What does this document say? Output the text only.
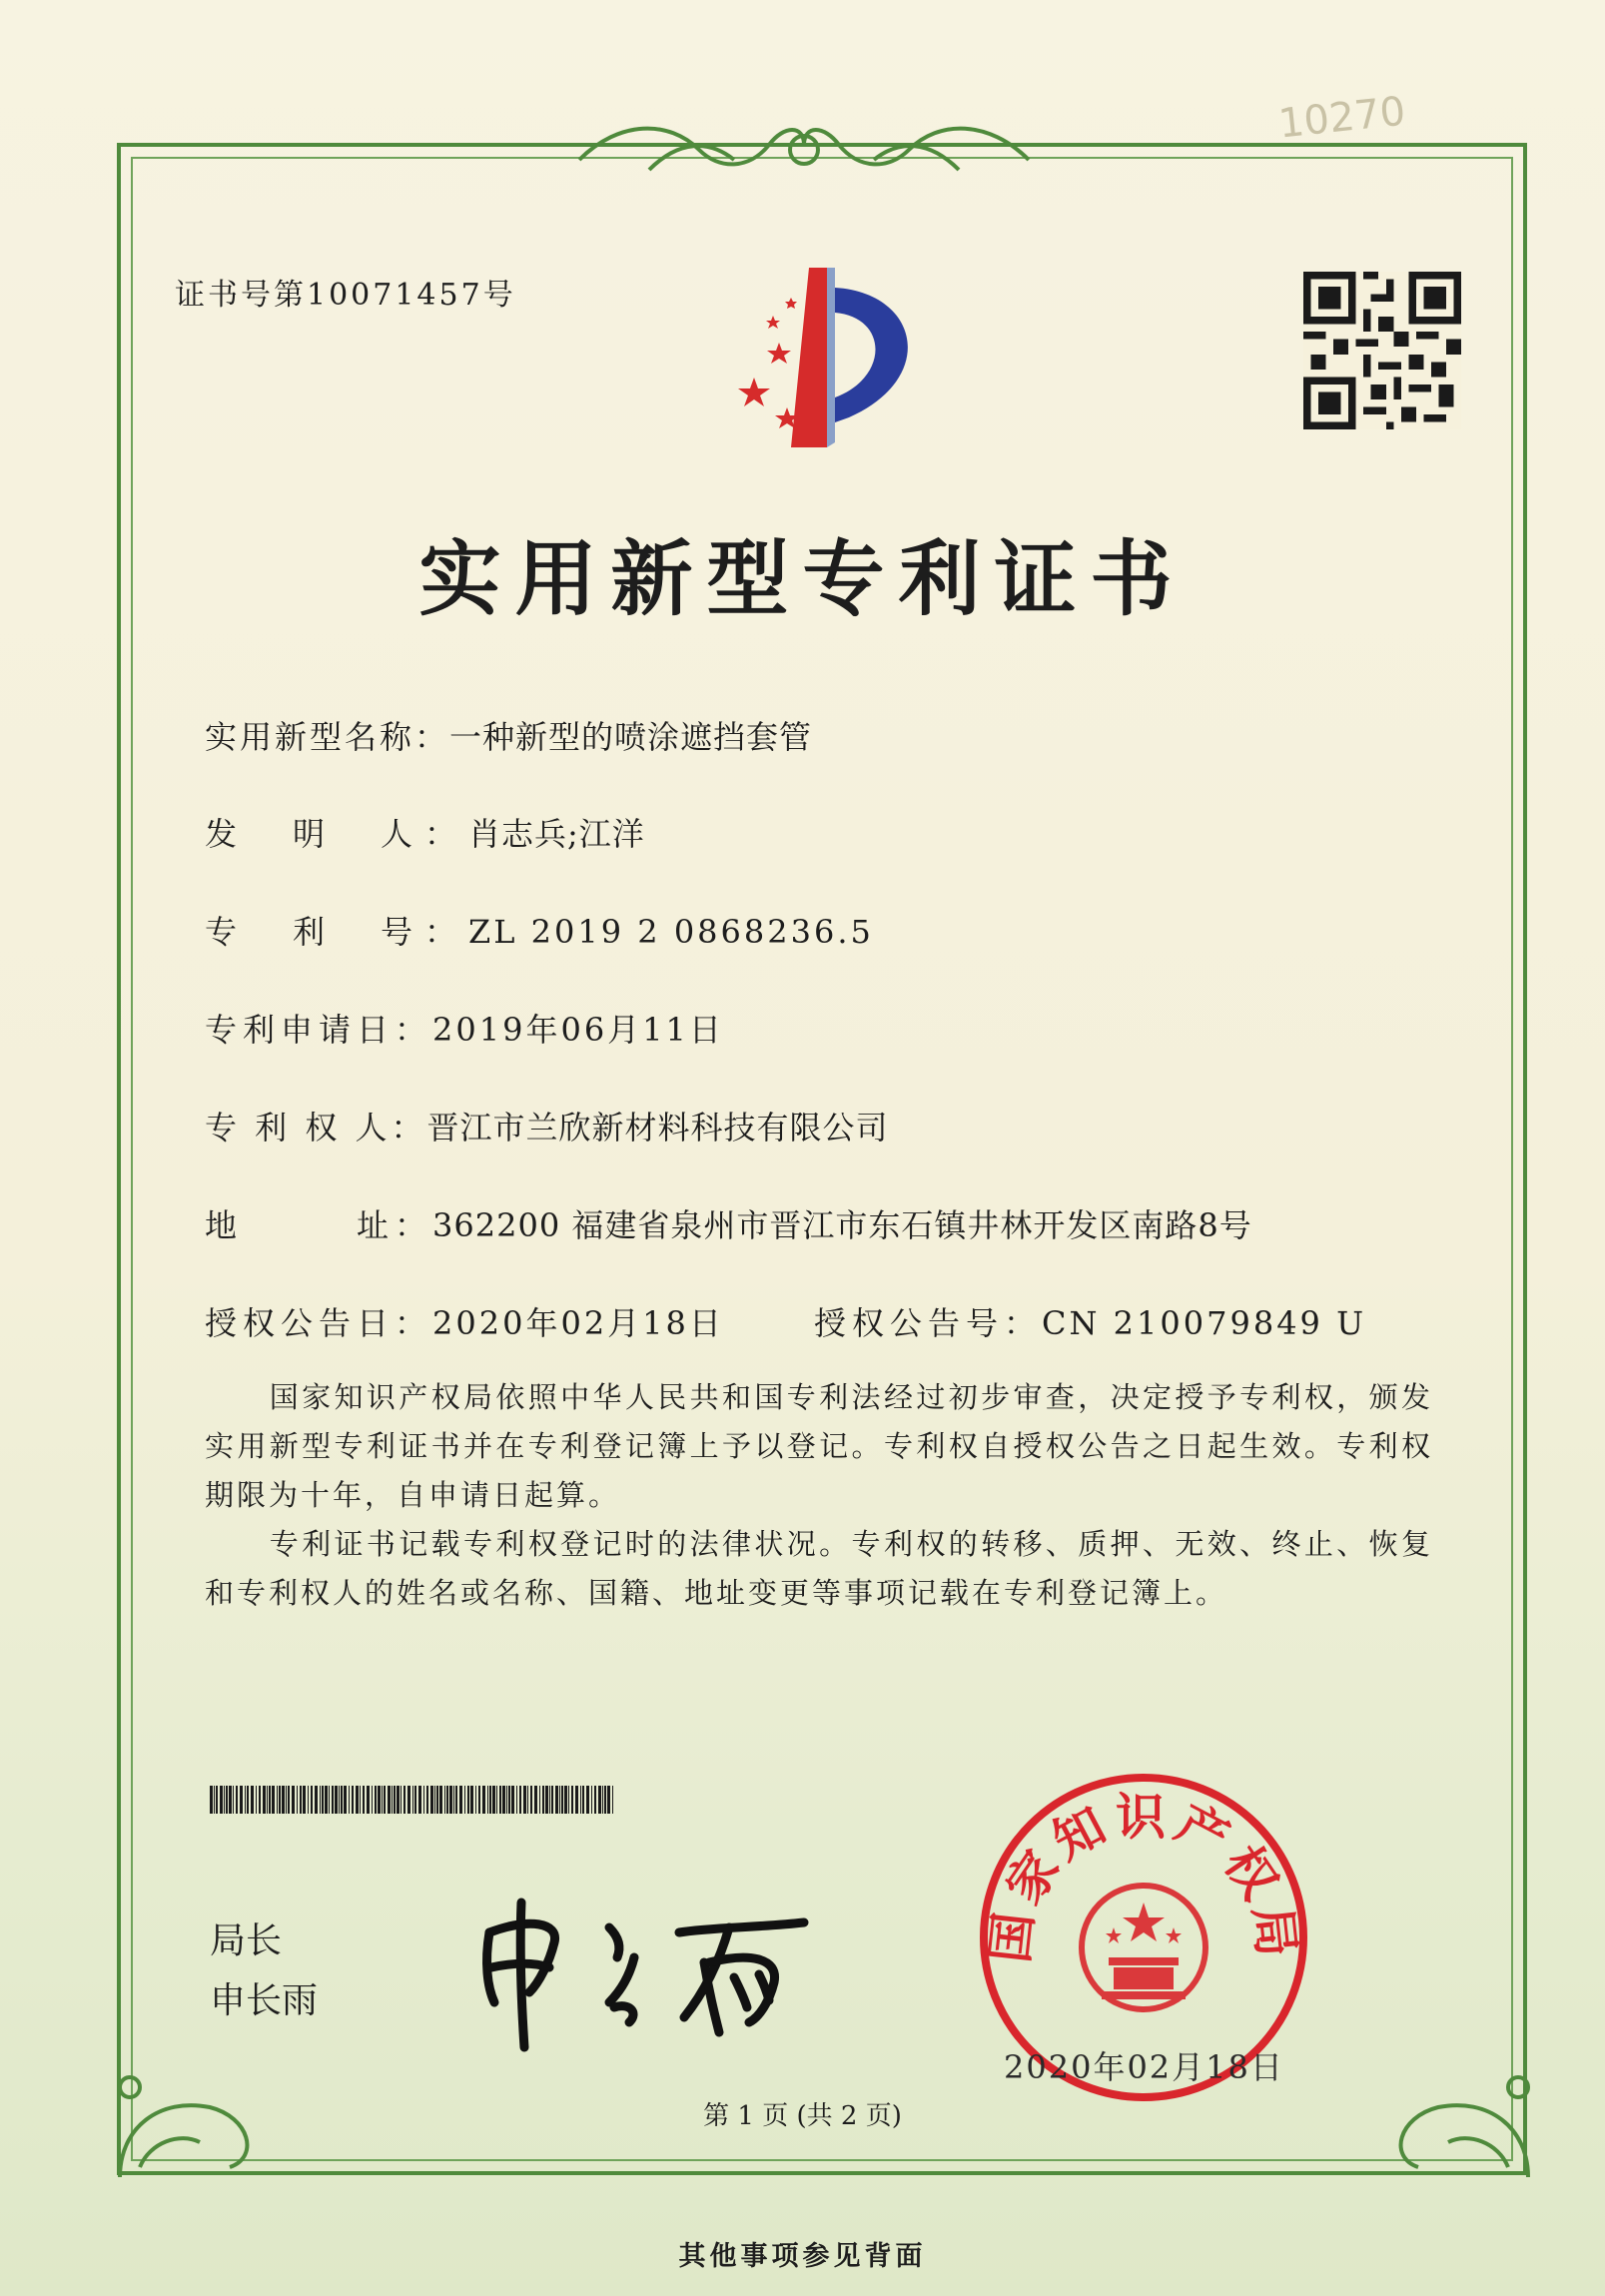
10270
证书号第10071457号
实用新型专利证书
实用新型名称：一种新型的喷涂遮挡套管
发　明　人：肖志兵;江洋
专　利　号：ZL 2019 2 0868236.5
专利申请日：2019年06月11日
专 利 权 人：晋江市兰欣新材料科技有限公司
地　　　址：362200 福建省泉州市晋江市东石镇井林开发区南路8号
授权公告日：2020年02月18日	授权公告号：CN 210079849 U
　　国家知识产权局依照中华人民共和国专利法经过初步审查，决定授予专利权，颁发实用新型专利证书并在专利登记簿上予以登记。专利权自授权公告之日起生效。专利权期限为十年，自申请日起算。
　　专利证书记载专利权登记时的法律状况。专利权的转移、质押、无效、终止、恢复和专利权人的姓名或名称、国籍、地址变更等事项记载在专利登记簿上。
局长
申长雨
国家知识产权局
2020年02月18日
第 1 页 (共 2 页)
其他事项参见背面
